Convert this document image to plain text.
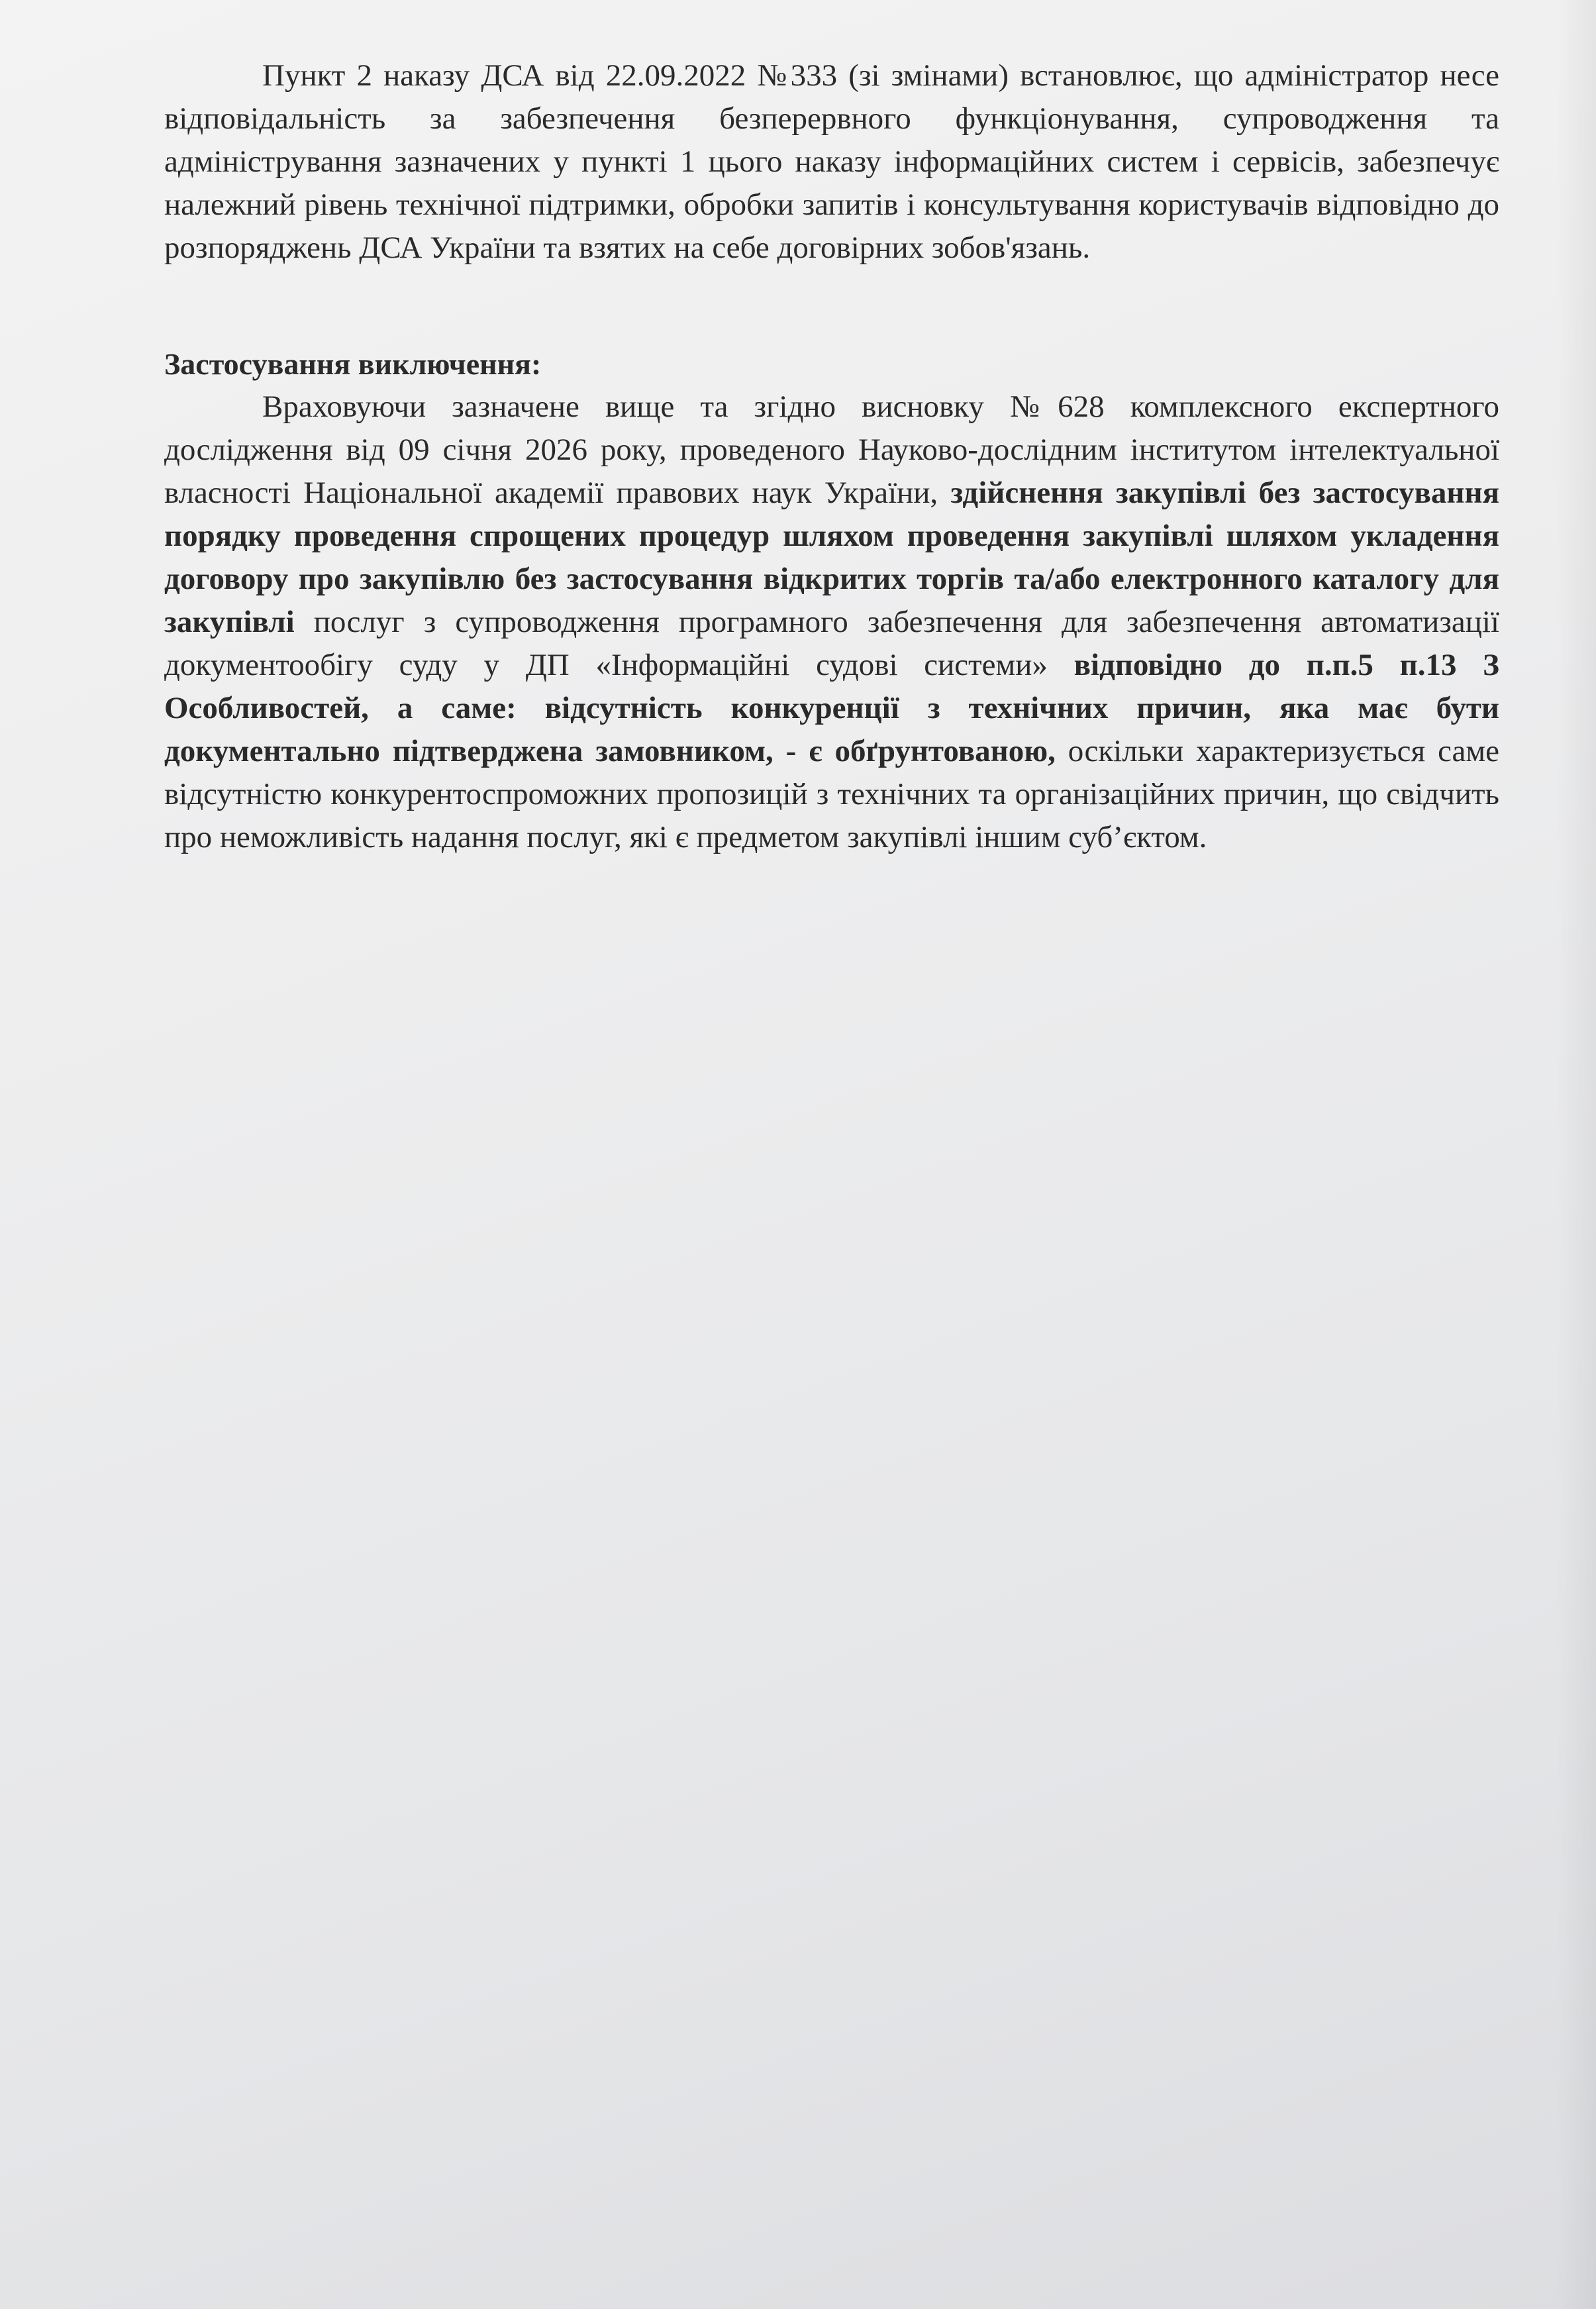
Пункт 2 наказу ДСА від 22.09.2022 №333 (зі змінами) встановлює, що адміністратор несе відповідальність за забезпечення безперервного функціонування, супроводження та адміністрування зазначених у пункті 1 цього наказу інформаційних систем і сервісів, забезпечує належний рівень технічної підтримки, обробки запитів і консультування користувачів відповідно до розпоряджень ДСА України та взятих на себе договірних зобов'язань.

Застосування виключення:

Враховуючи зазначене вище та згідно висновку №628 комплексного експертного дослідження від 09 січня 2026 року, проведеного Науково-дослідним інститутом інтелектуальної власності Національної академії правових наук України, здійснення закупівлі без застосування порядку проведення спрощених процедур шляхом проведення закупівлі шляхом укладення договору про закупівлю без застосування відкритих торгів та/або електронного каталогу для закупівлі послуг з супроводження програмного забезпечення для забезпечення автоматизації документообігу суду у ДП «Інформаційні судові системи» відповідно до п.п.5 п.13 З Особливостей, а саме: відсутність конкуренції з технічних причин, яка має бути документально підтверджена замовником, - є обґрунтованою, оскільки характеризується саме відсутністю конкурентоспроможних пропозицій з технічних та організаційних причин, що свідчить про неможливість надання послуг, які є предметом закупівлі іншим суб’єктом.
